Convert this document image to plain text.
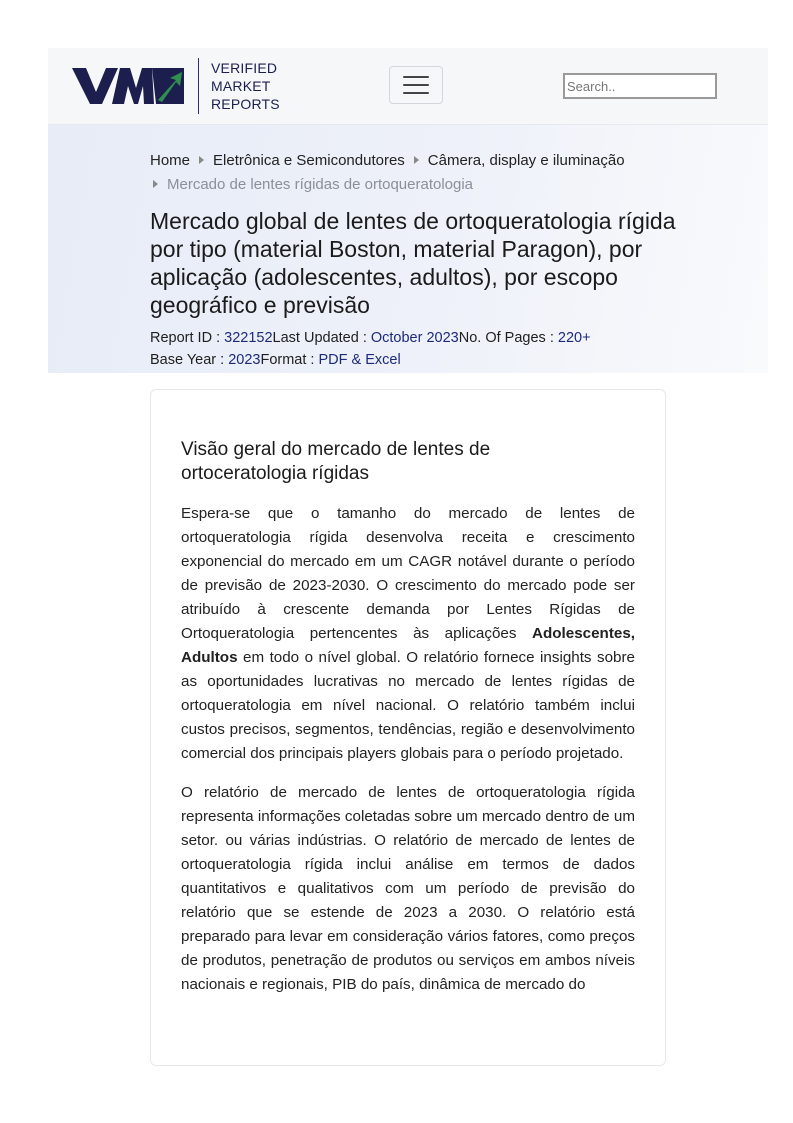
VERIFIED
MARKET
REPORTS
Search..
Home Eletrônica e Semicondutores Câmera, display e iluminação
Mercado de lentes rígidas de ortoqueratologia
Mercado global de lentes de ortoqueratologia rígida por tipo (material Boston, material Paragon), por aplicação (adolescentes, adultos), por escopo geográfico e previsão
Report ID : 322152Last Updated : October 2023No. Of Pages : 220+
Base Year : 2023Format : PDF & Excel
Visão geral do mercado de lentes de ortoceratologia rígidas

Espera-se que o tamanho do mercado de lentes de ortoqueratologia rígida desenvolva receita e crescimento exponencial do mercado em um CAGR notável durante o período de previsão de 2023-2030. O crescimento do mercado pode ser atribuído à crescente demanda por Lentes Rígidas de Ortoqueratologia pertencentes às aplicações Adolescentes, Adultos em todo o nível global. O relatório fornece insights sobre as oportunidades lucrativas no mercado de lentes rígidas de ortoqueratologia em nível nacional. O relatório também inclui custos precisos, segmentos, tendências, região e desenvolvimento comercial dos principais players globais para o período projetado.

O relatório de mercado de lentes de ortoqueratologia rígida representa informações coletadas sobre um mercado dentro de um setor. ou várias indústrias. O relatório de mercado de lentes de ortoqueratologia rígida inclui análise em termos de dados quantitativos e qualitativos com um período de previsão do relatório que se estende de 2023 a 2030. O relatório está preparado para levar em consideração vários fatores, como preços de produtos, penetração de produtos ou serviços em ambos níveis nacionais e regionais, PIB do país, dinâmica de mercado do
